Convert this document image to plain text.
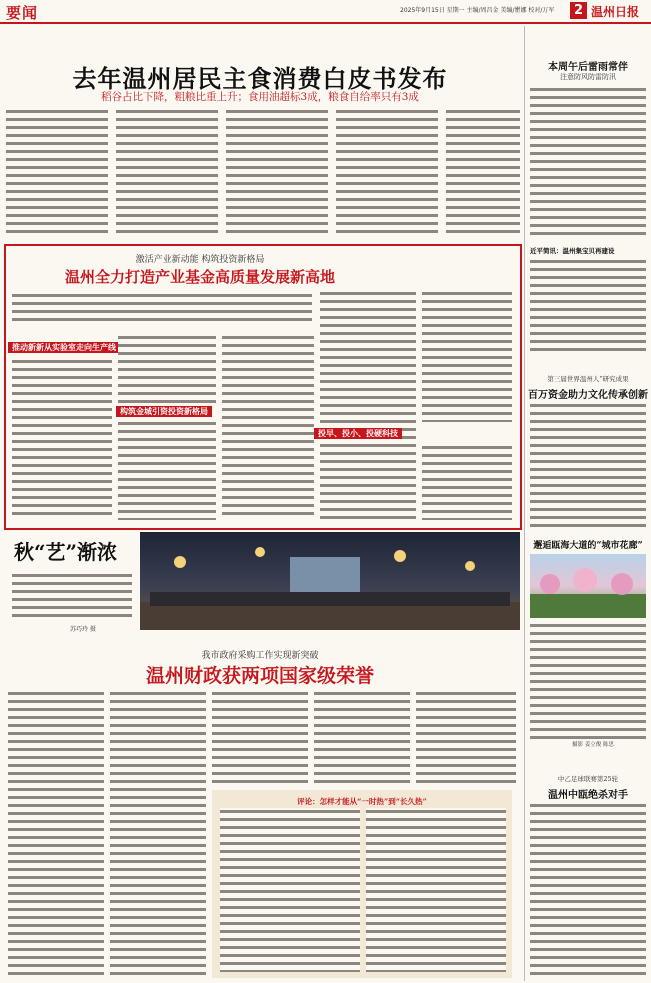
要闻	2025年9月15日 星期一 主编/周昌金 美编/瞿娜 校对/万军	2 温州日报
去年温州居民主食消费白皮书发布
稻谷占比下降，粗粮比重上升；食用油超标3成，粮食自给率只有3成
激活产业新动能 构筑投资新格局
温州全力打造产业基金高质量发展新高地
推动新新从实验室走向生产线
构筑金城引资投资新格局
投早、投小、投硬科技
秋“艺”渐浓
苏巧玲 摄
我市政府采购工作实现新突破
温州财政获两项国家级荣誉
评论：怎样才能从“一时热”到“长久热”
本周午后雷雨常伴
注意防风防雷防汛
近平简讯：温州集宝贝再建设
第三届世界温州人”研究成果
百万资金助力文化传承创新
邂逅瓯海大道的“城市花廊”
摄影 姜立俊 陈思
中乙足球联赛第25轮
温州中瓯绝杀对手
